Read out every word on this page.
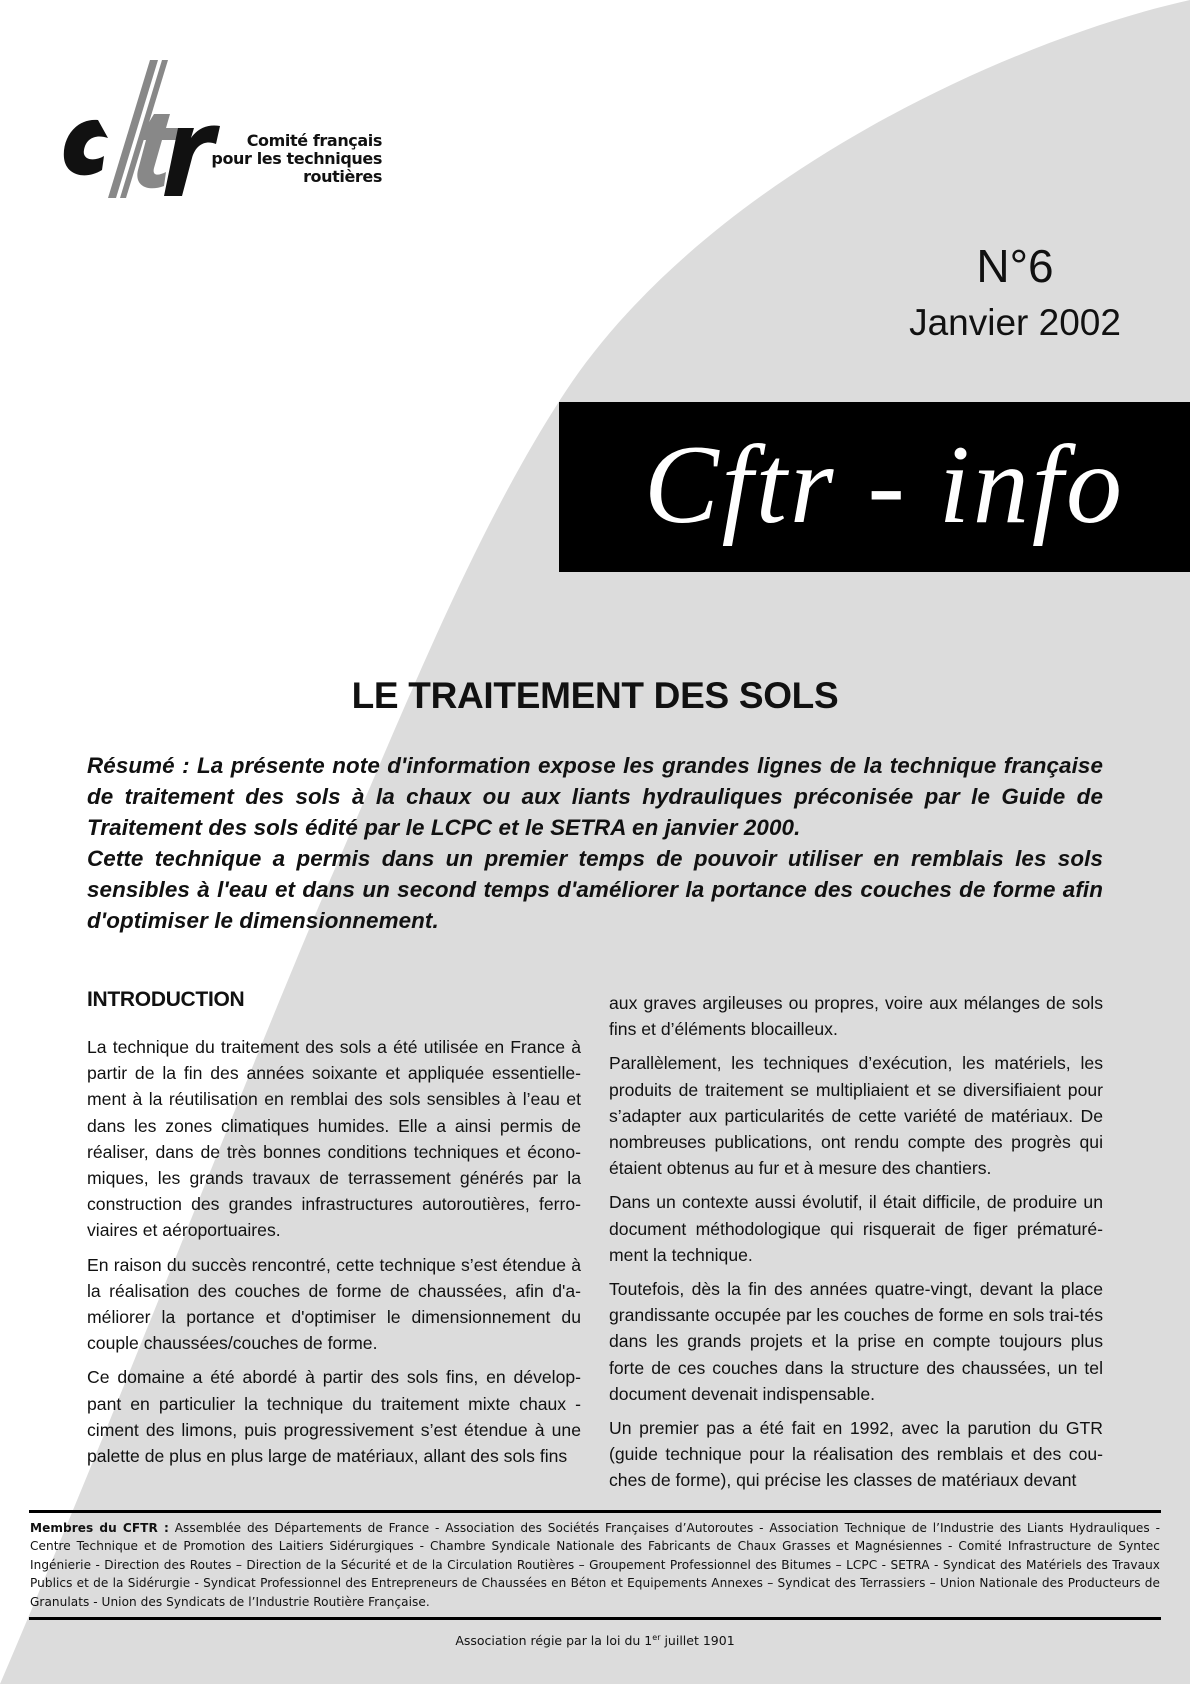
Comité français
pour les techniques
routières
N°6
Janvier 2002
Cftr - info
LE TRAITEMENT DES SOLS

Résumé : La présente note d'information expose les grandes lignes de la technique française de traitement des sols à la chaux ou aux liants hydrauliques préconisée par le Guide de Traitement des sols édité par le LCPC et le SETRA en janvier 2000.

Cette technique a permis dans un premier temps de pouvoir utiliser en remblais les sols sensibles à l'eau et dans un second temps d'améliorer la portance des couches de forme afin d'optimiser le dimensionnement.

INTRODUCTION

La technique du traitement des sols a été utilisée en France à partir de la fin des années soixante et appliquée essentielle-ment à la réutilisation en remblai des sols sensibles à l’eau et dans les zones climatiques humides. Elle a ainsi permis de réaliser, dans de très bonnes conditions techniques et écono-miques, les grands travaux de terrassement générés par la construction des grandes infrastructures autoroutières, ferro-viaires et aéroportuaires.

En raison du succès rencontré, cette technique s’est étendue à la réalisation des couches de forme de chaussées, afin d'a-méliorer la portance et d'optimiser le dimensionnement du couple chaussées/couches de forme.

Ce domaine a été abordé à partir des sols fins, en dévelop-pant en particulier la technique du traitement mixte chaux - ciment des limons, puis progressivement s’est étendue à une palette de plus en plus large de matériaux, allant des sols fins

aux graves argileuses ou propres, voire aux mélanges de sols fins et d’éléments blocailleux.

Parallèlement, les techniques d’exécution, les matériels, les produits de traitement se multipliaient et se diversifiaient pour s’adapter aux particularités de cette variété de matériaux. De nombreuses publications, ont rendu compte des progrès qui étaient obtenus au fur et à mesure des chantiers.

Dans un contexte aussi évolutif, il était difficile, de produire un document méthodologique qui risquerait de figer prématuré-ment la technique.

Toutefois, dès la fin des années quatre-vingt, devant la place grandissante occupée par les couches de forme en sols trai-tés dans les grands projets et la prise en compte toujours plus forte de ces couches dans la structure des chaussées, un tel document devenait indispensable.

Un premier pas a été fait en 1992, avec la parution du GTR (guide technique pour la réalisation des remblais et des cou-ches de forme), qui précise les classes de matériaux devant

Membres du CFTR : Assemblée des Départements de France - Association des Sociétés Françaises d’Autoroutes - Association Technique de l’Industrie des Liants Hydrauliques - Centre Technique et de Promotion des Laitiers Sidérurgiques - Chambre Syndicale Nationale des Fabricants de Chaux Grasses et Magnésiennes - Comité Infrastructure de Syntec Ingénierie - Direction des Routes – Direction de la Sécurité et de la Circulation Routières – Groupement Professionnel des Bitumes – LCPC - SETRA - Syndicat des Matériels des Travaux Publics et de la Sidérurgie - Syndicat Professionnel des Entrepreneurs de Chaussées en Béton et Equipements Annexes – Syndicat des Terrassiers – Union Nationale des Producteurs de Granulats - Union des Syndicats de l’Industrie Routière Française.
Association régie par la loi du 1er juillet 1901
